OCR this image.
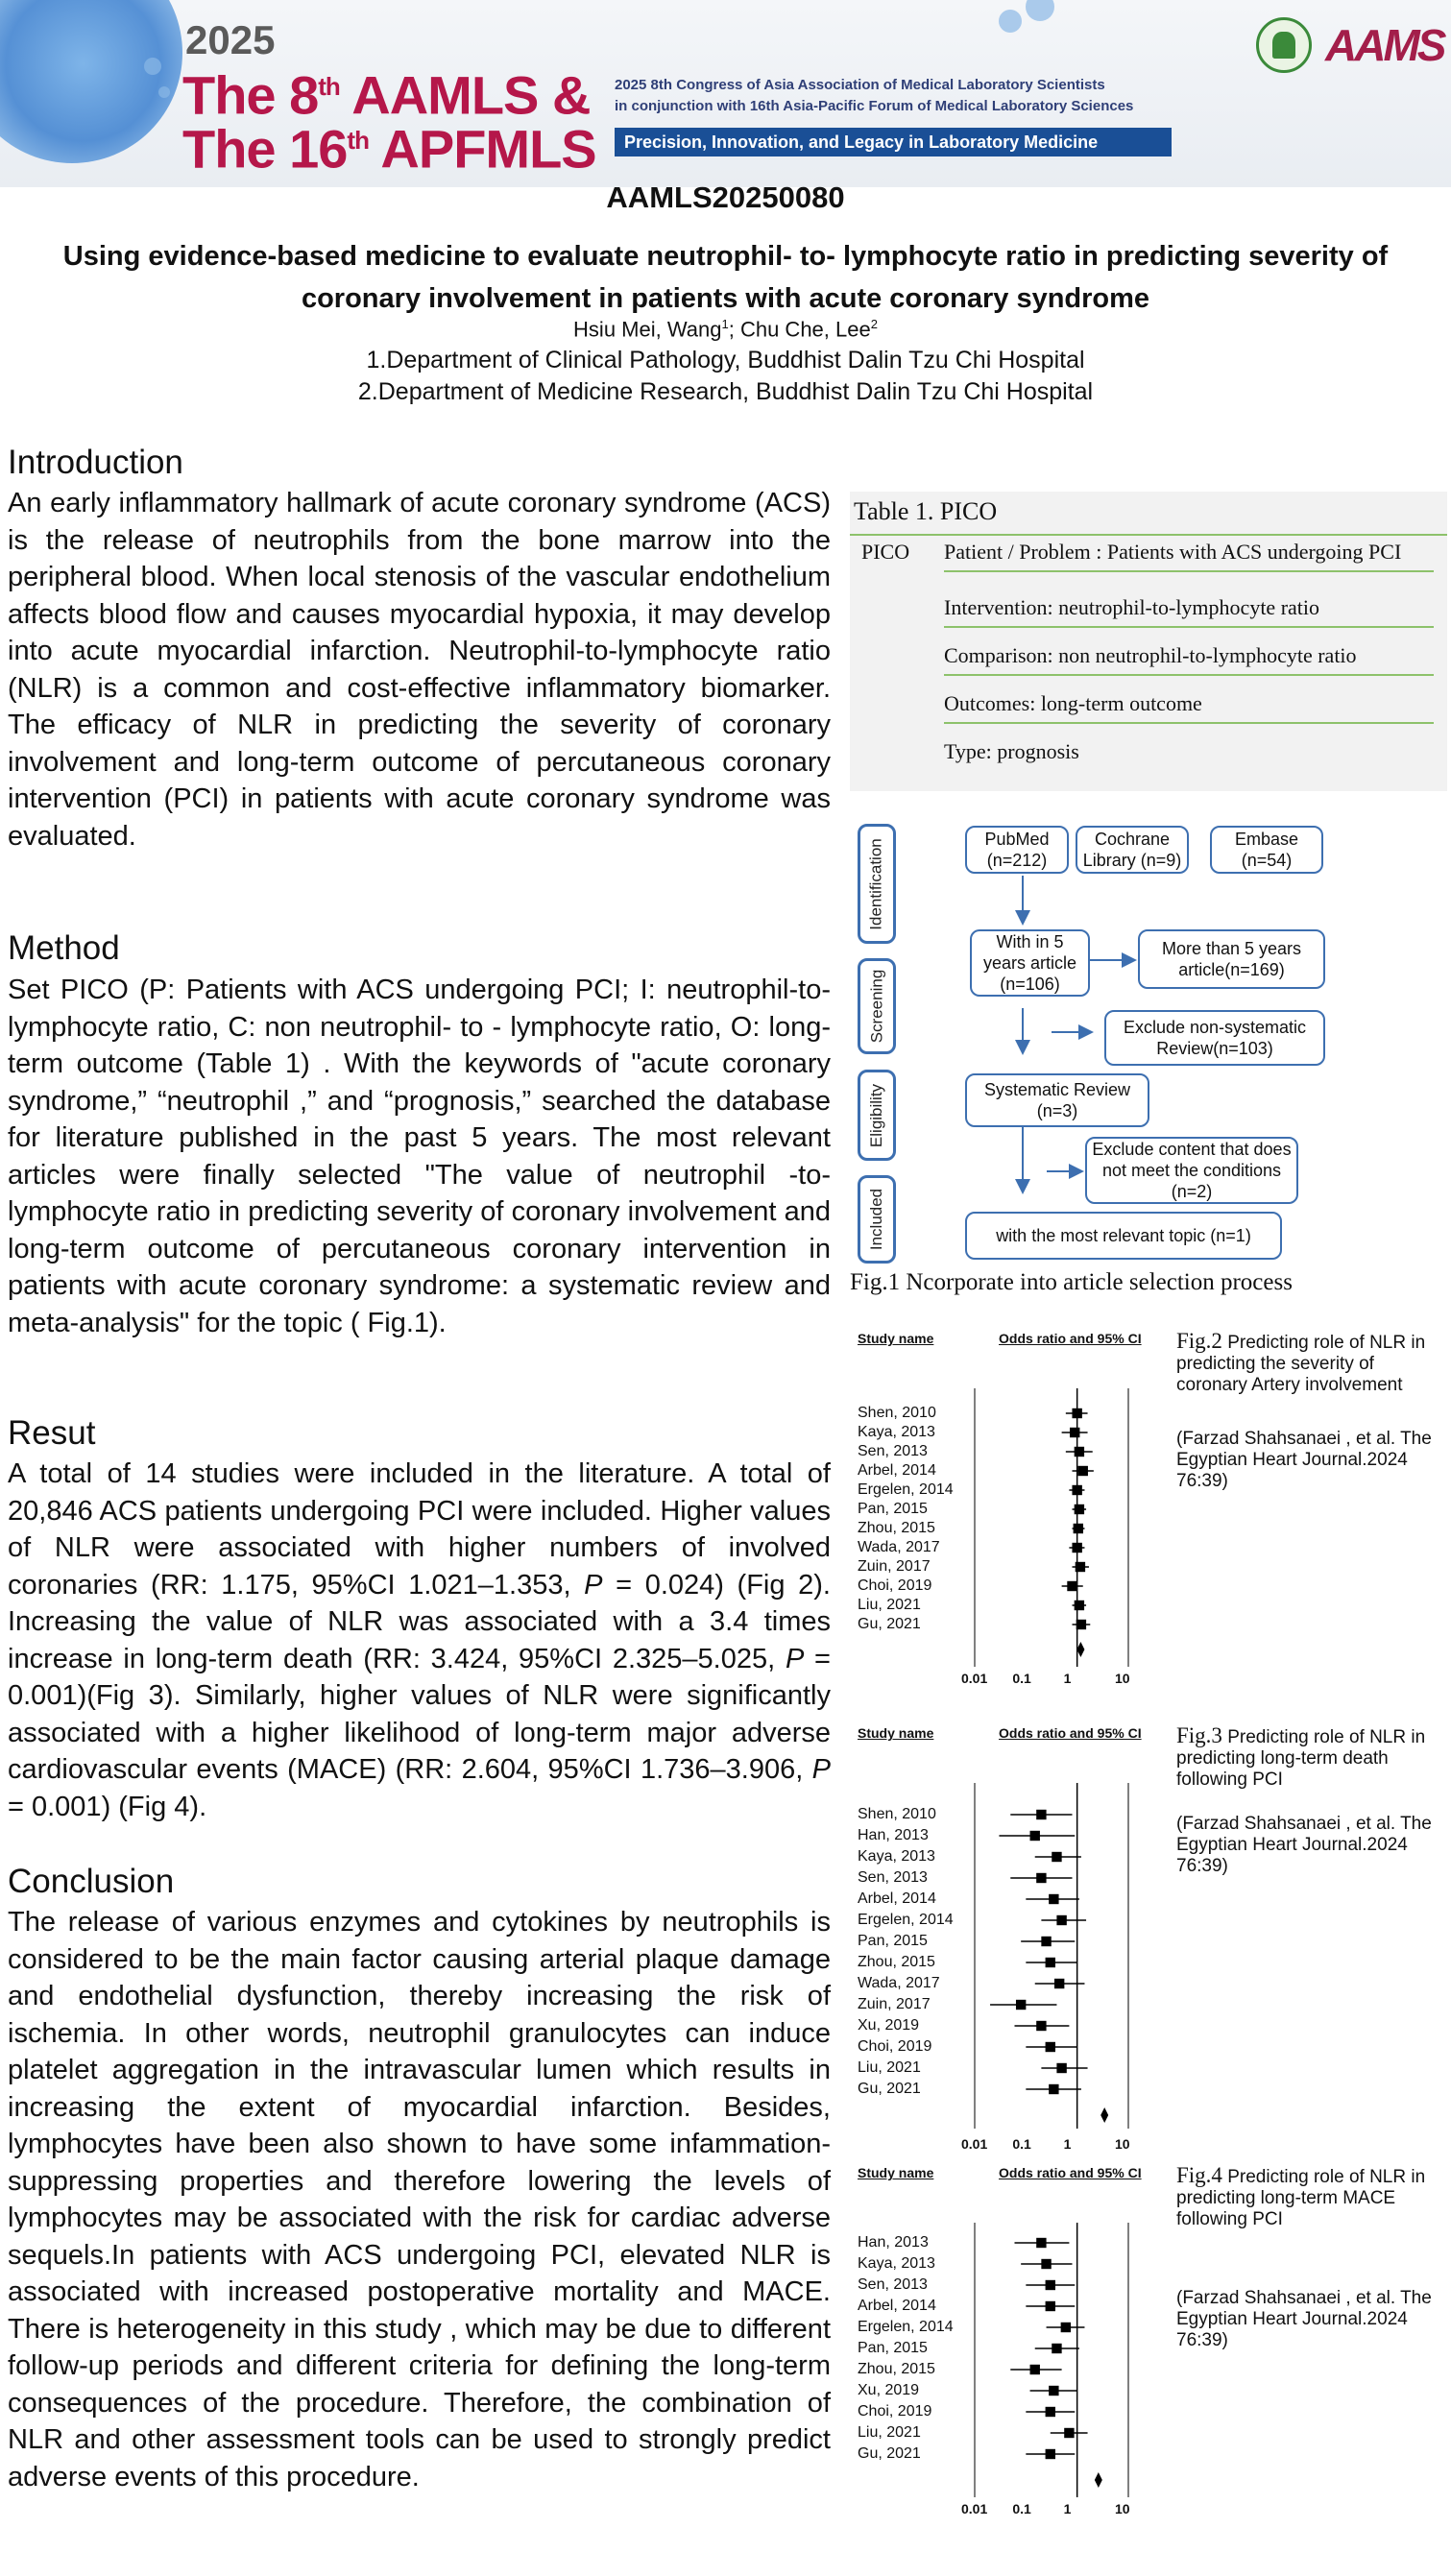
2025
The 8th AAMLS &
The 16th APFMLS
2025 8th Congress of Asia Association of Medical Laboratory Scientists
in conjunction with 16th Asia-Pacific Forum of Medical Laboratory Sciences
Precision, Innovation, and Legacy in Laboratory Medicine
AAMS
AAMLS20250080
Using evidence-based medicine to evaluate neutrophil- to- lymphocyte ratio in predicting severity of coronary involvement in patients with acute coronary syndrome
Hsiu Mei, Wang$^1$; Chu Che, Lee$^2$
1.Department of Clinical Pathology, Buddhist Dalin Tzu Chi Hospital
2.Department of Medicine Research, Buddhist Dalin Tzu Chi Hospital
Introduction
An early inflammatory hallmark of acute coronary syndrome (ACS) is the release of neutrophils from the bone marrow into the peripheral blood. When local stenosis of the vascular endothelium affects blood flow and causes myocardial hypoxia, it may develop into acute myocardial infarction. Neutrophil-to-lymphocyte ratio (NLR) is a common and cost-effective inflammatory biomarker. The efficacy of NLR in predicting the severity of coronary involvement and long-term outcome of percutaneous coronary intervention (PCI) in patients with acute coronary syndrome was evaluated.
Method
Set PICO (P: Patients with ACS undergoing PCI; I: neutrophil-to-lymphocyte ratio, C: non neutrophil- to - lymphocyte ratio, O: long-term outcome (Table 1) . With the keywords of "acute coronary syndrome,” “neutrophil ,” and “prognosis,” searched the database for literature published in the past 5 years. The most relevant articles were finally selected "The value of neutrophil -to- lymphocyte ratio in predicting severity of coronary involvement and long-term outcome of percutaneous coronary intervention in patients with acute coronary syndrome: a systematic review and meta-analysis" for the topic ( Fig.1).
Resut
A total of 14 studies were included in the literature. A total of 20,846 ACS patients undergoing PCI were included. Higher values of NLR were associated with higher numbers of involved coronaries (RR: 1.175, 95%CI 1.021–1.353, P = 0.024) (Fig 2). Increasing the value of NLR was associated with a 3.4 times increase in long-term death (RR: 3.424, 95%CI 2.325–5.025, P = 0.001)(Fig 3). Similarly, higher values of NLR were significantly associated with a higher likelihood of long-term major adverse cardiovascular events (MACE) (RR: 2.604, 95%CI 1.736–3.906, P = 0.001) (Fig 4).
Conclusion
The release of various enzymes and cytokines by neutrophils is considered to be the main factor causing arterial plaque damage and endothelial dysfunction, thereby increasing the risk of ischemia. In other words, neutrophil granulocytes can induce platelet aggregation in the intravascular lumen which results in increasing the extent of myocardial infarction. Besides, lymphocytes have been also shown to have some infammation-suppressing properties and therefore lowering the levels of lymphocytes may be associated with the risk for cardiac adverse sequels.In patients with ACS undergoing PCI, elevated NLR is associated with increased postoperative mortality and MACE. There is heterogeneity in this study , which may be due to different follow-up periods and different criteria for defining the long-term consequences of the procedure. Therefore, the combination of NLR and other assessment tools can be used to strongly predict adverse events of this procedure.
Table 1. PICO
PICO Patient / Problem : Patients with ACS undergoing PCI
Intervention: neutrophil-to-lymphocyte ratio
Comparison: non neutrophil-to-lymphocyte ratio
Outcomes: long-term outcome
Type: prognosis
Identification
Screening
Eligibility
Included
PubMed (n=212)
Cochrane Library (n=9)
Embase (n=54)
With in 5 years article (n=106)
More than 5 years article(n=169)
Exclude non-systematic Review(n=103)
Systematic Review (n=3)
Exclude content that does not meet the conditions (n=2)
with the most relevant topic (n=1)
Fig.1 Ncorporate into article selection process
Study name	Odds ratio and 95% CI Fig.2 Predicting role of NLR in predicting the severity of coronary Artery involvement
(Farzad Shahsanaei , et al. The Egyptian Heart Journal.2024 76:39)
Shen, 2010
Kaya, 2013
Sen, 2013
Arbel, 2014
Ergelen, 2014
Pan, 2015
Zhou, 2015
Wada, 2017
Zuin, 2017
Choi, 2019
Liu, 2021
Gu, 2021
0.01 0.1 1	10
Study name	Odds ratio and 95% CI Fig.3 Predicting role of NLR in predicting long-term death following PCI
(Farzad Shahsanaei , et al. The Egyptian Heart Journal.2024 76:39)
Shen, 2010
Han, 2013
Kaya, 2013
Sen, 2013
Arbel, 2014
Ergelen, 2014
Pan, 2015
Zhou, 2015
Wada, 2017
Zuin, 2017
Xu, 2019
Choi, 2019
Liu, 2021
Gu, 2021
0.01 0.1 1	10
Study name	Odds ratio and 95% CI Fig.4 Predicting role of NLR in predicting long-term MACE following PCI
(Farzad Shahsanaei , et al. The Egyptian Heart Journal.2024 76:39)
Han, 2013
Kaya, 2013
Sen, 2013
Arbel, 2014
Ergelen, 2014
Pan, 2015
Zhou, 2015
Xu, 2019
Choi, 2019
Liu, 2021
Gu, 2021
0.01 0.1 1	10
